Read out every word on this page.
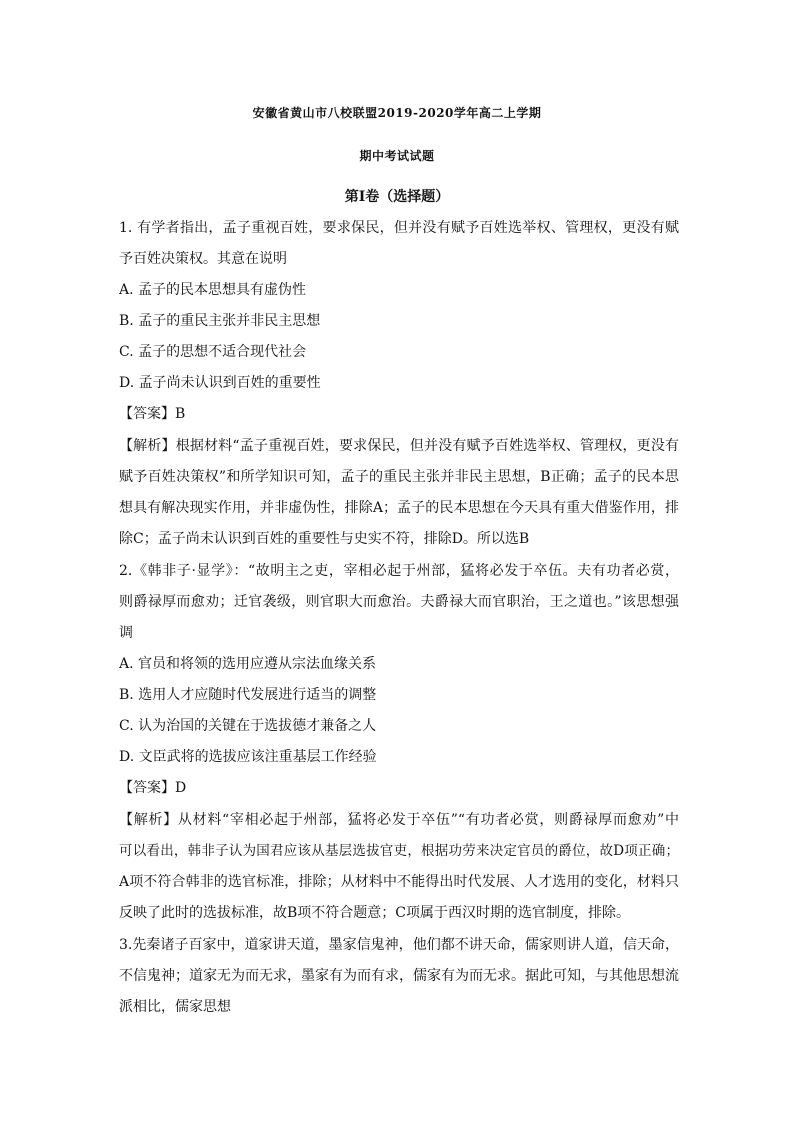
安徽省黄山市八校联盟2019-2020学年高二上学期
期中考试试题
第I卷（选择题）
1. 有学者指出，孟子重视百姓，要求保民，但并没有赋予百姓选举权、管理权，更没有赋
予百姓决策权。其意在说明
A. 孟子的民本思想具有虚伪性
B. 孟子的重民主张并非民主思想
C. 孟子的思想不适合现代社会
D. 孟子尚未认识到百姓的重要性
【答案】B
【解析】根据材料“孟子重视百姓，要求保民，但并没有赋予百姓选举权、管理权，更没有
赋予百姓决策权”和所学知识可知，孟子的重民主张并非民主思想，B正确；孟子的民本思
想具有解决现实作用，并非虚伪性，排除A；孟子的民本思想在今天具有重大借鉴作用，排
除C；孟子尚未认识到百姓的重要性与史实不符，排除D。所以选B
2.《韩非子·显学》：“故明主之吏，宰相必起于州部，猛将必发于卒伍。夫有功者必赏，
则爵禄厚而愈劝；迁官袭级，则官职大而愈治。夫爵禄大而官职治，王之道也。”该思想强
调
A. 官员和将领的选用应遵从宗法血缘关系
B. 选用人才应随时代发展进行适当的调整
C. 认为治国的关键在于选拔德才兼备之人
D. 文臣武将的选拔应该注重基层工作经验
【答案】D
【解析】从材料“宰相必起于州部，猛将必发于卒伍”“有功者必赏，则爵禄厚而愈劝”中
可以看出，韩非子认为国君应该从基层选拔官吏，根据功劳来决定官员的爵位，故D项正确；
A项不符合韩非的选官标准，排除；从材料中不能得出时代发展、人才选用的变化，材料只
反映了此时的选拔标准，故B项不符合题意；C项属于西汉时期的选官制度，排除。
3.先秦诸子百家中，道家讲天道，墨家信鬼神，他们都不讲天命，儒家则讲人道，信天命，
不信鬼神；道家无为而无求，墨家有为而有求，儒家有为而无求。据此可知，与其他思想流
派相比，儒家思想
